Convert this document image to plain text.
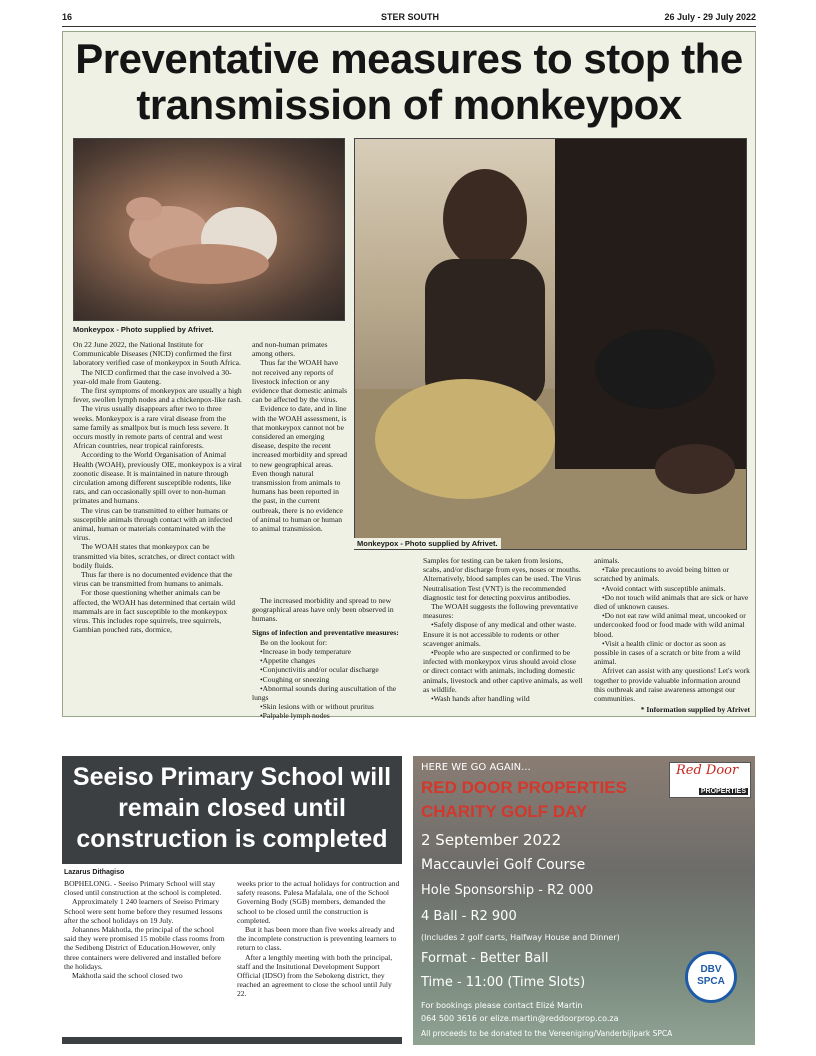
16	STER SOUTH	26 July - 29 July 2022
Preventative measures to stop the transmission of monkeypox
Monkeypox - Photo supplied by Afrivet.
Monkeypox - Photo supplied by Afrivet.

On 22 June 2022, the National Institute for Communicable Diseases (NICD) confirmed the first laboratory verified case of monkeypox in South Africa.

The NICD confirmed that the case involved a 30-year-old male from Gauteng.

The first symptoms of monkeypox are usually a high fever, swollen lymph nodes and a chickenpox-like rash.

The virus usually disappears after two to three weeks. Monkeypox is a rare viral disease from the same family as smallpox but is much less severe. It occurs mostly in remote parts of central and west African countries, near tropical rainforests.

According to the World Organisation of Animal Health (WOAH), previously OIE, monkeypox is a viral zoonotic disease. It is maintained in nature through circulation among different susceptible rodents, like rats, and can occasionally spill over to non-human primates and humans.

The virus can be transmitted to either humans or susceptible animals through contact with an infected animal, human or materials contaminated with the virus.

The WOAH states that monkeypox can be transmitted via bites, scratches, or direct contact with bodily fluids.

Thus far there is no documented evidence that the virus can be transmitted from humans to animals.

For those questioning whether animals can be affected, the WOAH has determined that certain wild mammals are in fact susceptible to the monkeypox virus. This includes rope squirrels, tree squirrels, Gambian pouched rats, dormice,

and non-human primates among others.

Thus far the WOAH have not received any reports of livestock infection or any evidence that domestic animals can be affected by the virus.

Evidence to date, and in line with the WOAH assessment, is that monkeypox cannot not be considered an emerging disease, despite the recent increased morbidity and spread to new geographical areas. Even though natural transmission from animals to humans has been reported in the past, in the current outbreak, there is no evidence of animal to human or human to animal transmission.

The increased morbidity and spread to new geographical areas have only been observed in humans.

Signs of infection and preventative measures:

Be on the lookout for:

•Increase in body temperature

•Appetite changes

•Conjunctivitis and/or ocular discharge

•Coughing or sneezing

•Abnormal sounds during auscultation of the lungs

•Skin lesions with or without pruritus

•Palpable lymph nodes

Samples for testing can be taken from lesions, scabs, and/or discharge from eyes, noses or mouths. Alternatively, blood samples can be used. The Virus Neutralisation Test (VNT) is the recommended diagnostic test for detecting poxvirus antibodies.

The WOAH suggests the following preventative measures:

•Safely dispose of any medical and other waste. Ensure it is not accessible to rodents or other scavenger animals.

•People who are suspected or confirmed to be infected with monkeypox virus should avoid close or direct contact with animals, including domestic animals, livestock and other captive animals, as well as wildlife.

•Wash hands after handling wild

animals.

•Take precautions to avoid being bitten or scratched by animals.

•Avoid contact with susceptible animals.

•Do not touch wild animals that are sick or have died of unknown causes.

•Do not eat raw wild animal meat, uncooked or undercooked food or food made with wild animal blood.

•Visit a health clinic or doctor as soon as possible in cases of a scratch or bite from a wild animal.

Afrivet can assist with any questions! Let's work together to provide valuable information around this outbreak and raise awareness amongst our communities.

* Information supplied by Afrivet

Seeiso Primary School will remain closed until construction is completed
Lazarus Dithagiso

BOPHELONG. - Seeiso Primary School will stay closed until construction at the school is completed.

Approximately 1 240 learners of Seeiso Primary School were sent home before they resumed lessons after the school holidays on 19 July.

Johannes Makhotla, the principal of the school said they were promised 15 mobile class rooms from the Sedibeng District of Education.However, only three containers were delivered and installed before the holidays.

Makhotla said the school closed two

weeks prior to the actual holidays for contruction and safety reasons. Palesa Mafalala, one of the School Governing Body (SGB) members, demanded the school to be closed until the construction is completed.

But it has been more than five weeks already and the incomplete construction is preventing learners to return to class.

After a lengthly meeting with both the principal, staff and the Insitutional Development Support Official (IDSO) from the Sebokeng district, they reached an agreement to close the school until July 22.

HERE WE GO AGAIN...
RED DOOR PROPERTIES
CHARITY GOLF DAY
2 September 2022
Maccauvlei Golf Course
Hole Sponsorship - R2 000
4 Ball - R2 900
(Includes 2 golf carts, Halfway House and Dinner)
Format - Better Ball
Time - 11:00 (Time Slots)
For bookings please contact Elizé Martin
064 500 3616 or elize.martin@reddoorprop.co.za
All proceeds to be donated to the Vereeniging/Vanderbijlpark SPCA
Red Door
PROPERTIES
DBV
SPCA
